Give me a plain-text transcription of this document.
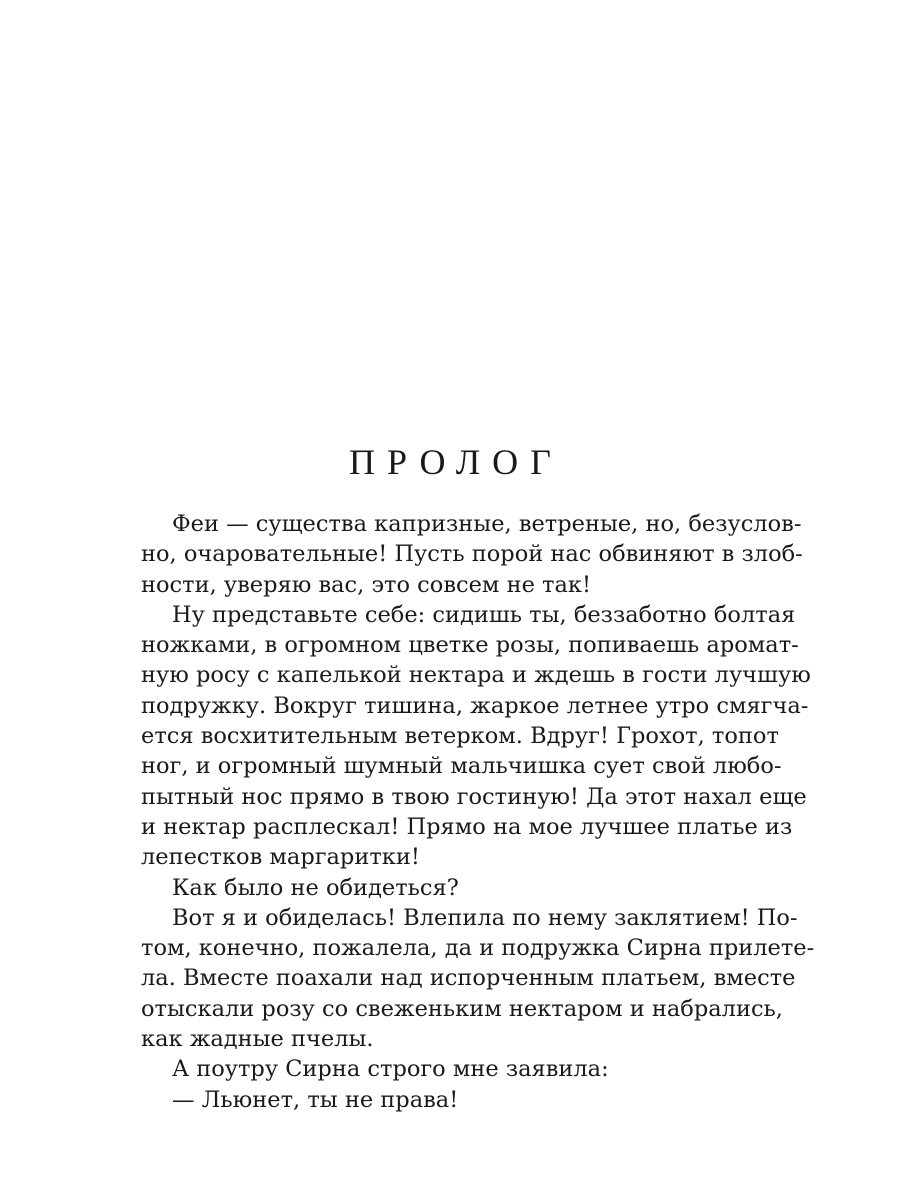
ПРОЛОГ
Феи — существа капризные, ветреные, но, безуслов-
но, очаровательные! Пусть порой нас обвиняют в злоб-
ности, уверяю вас, это совсем не так!
Ну представьте себе: сидишь ты, беззаботно болтая
ножками, в огромном цветке розы, попиваешь аромат-
ную росу с капелькой нектара и ждешь в гости лучшую
подружку. Вокруг тишина, жаркое летнее утро смягча-
ется восхитительным ветерком. Вдруг! Грохот, топот
ног, и огромный шумный мальчишка сует свой любо-
пытный нос прямо в твою гостиную! Да этот нахал еще
и нектар расплескал! Прямо на мое лучшее платье из
лепестков маргаритки!
Как было не обидеться?
Вот я и обиделась! Влепила по нему заклятием! По-
том, конечно, пожалела, да и подружка Сирна прилете-
ла. Вместе поахали над испорченным платьем, вместе
отыскали розу со свеженьким нектаром и набрались,
как жадные пчелы.
А поутру Сирна строго мне заявила:
— Льюнет, ты не права!
